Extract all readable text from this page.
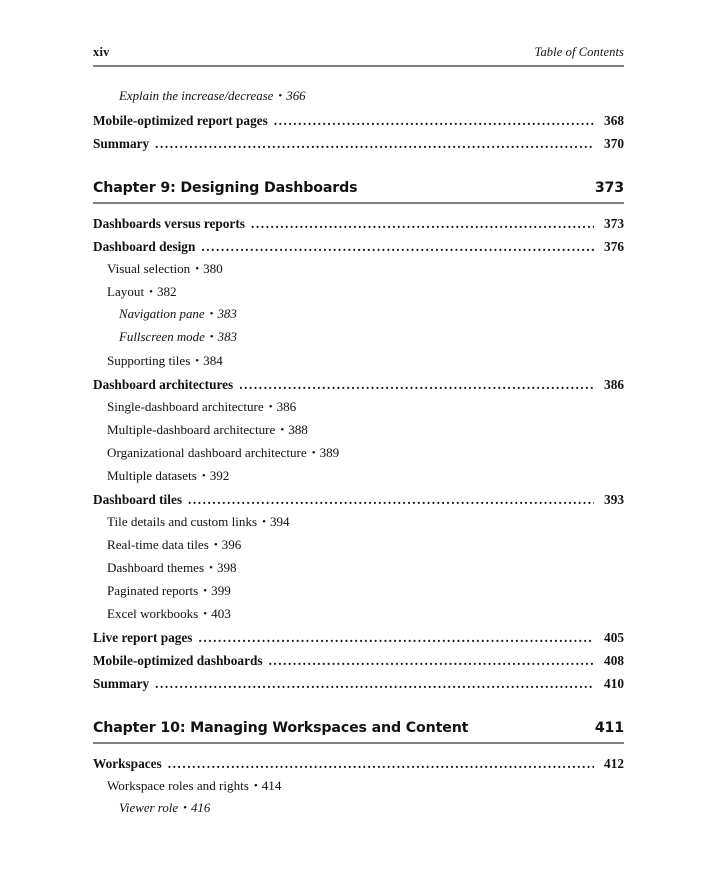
xiv	Table of Contents
Explain the increase/decrease • 366
Mobile-optimized report pages .....	368
Summary .....	370
Chapter 9: Designing Dashboards	373
Dashboards versus reports .....	373
Dashboard design .....	376
Visual selection • 380
Layout • 382
Navigation pane • 383
Fullscreen mode • 383
Supporting tiles • 384
Dashboard architectures .....	386
Single-dashboard architecture • 386
Multiple-dashboard architecture • 388
Organizational dashboard architecture • 389
Multiple datasets • 392
Dashboard tiles .....	393
Tile details and custom links • 394
Real-time data tiles • 396
Dashboard themes • 398
Paginated reports • 399
Excel workbooks • 403
Live report pages .....	405
Mobile-optimized dashboards .....	408
Summary .....	410
Chapter 10: Managing Workspaces and Content	411
Workspaces .....	412
Workspace roles and rights • 414
Viewer role • 416
